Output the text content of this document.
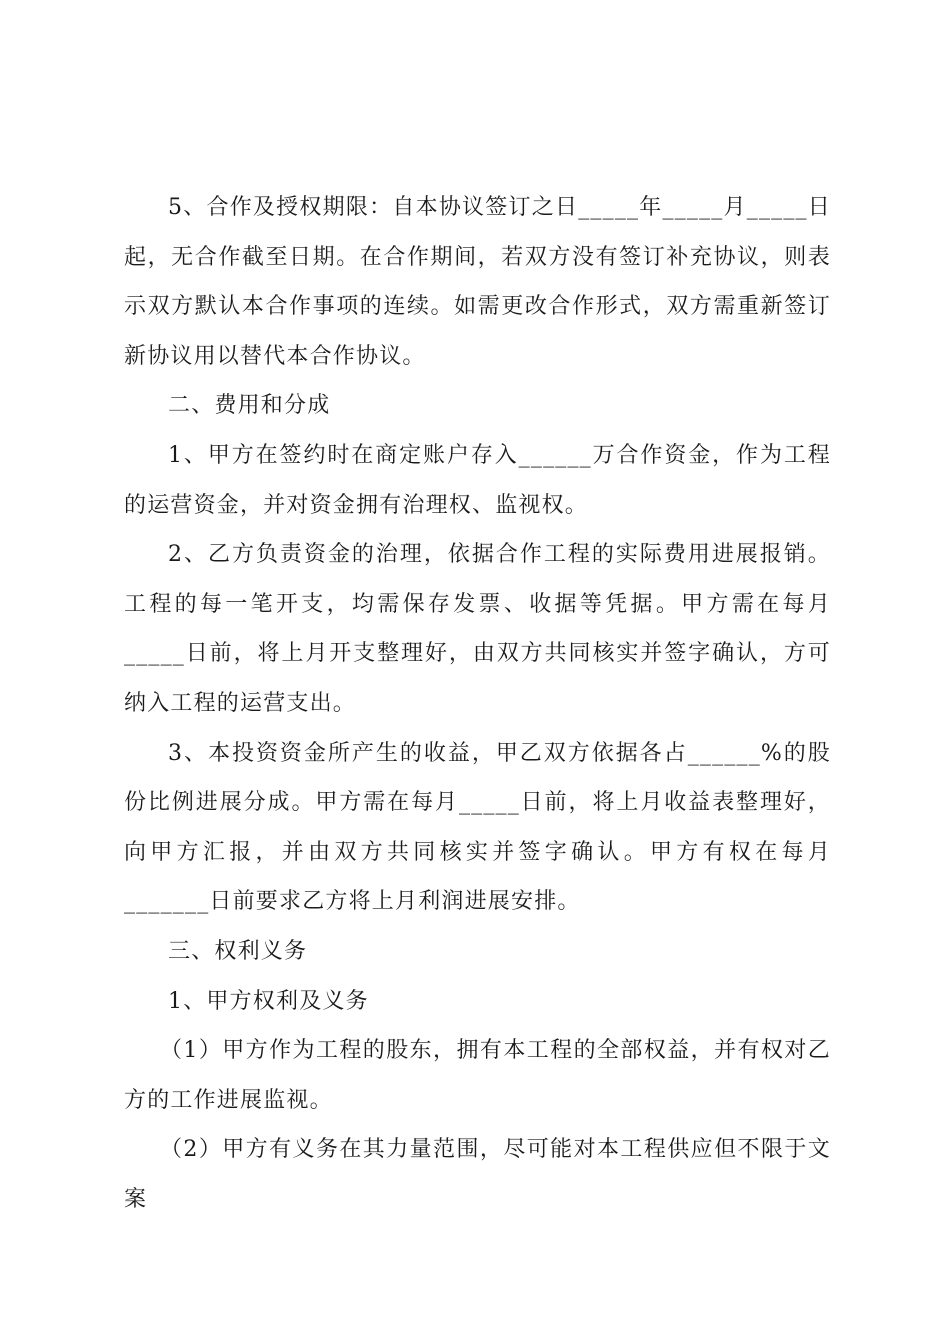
5、合作及授权期限：自本协议签订之日_____年_____月_____日起，无合作截至日期。在合作期间，若双方没有签订补充协议，则表示双方默认本合作事项的连续。如需更改合作形式，双方需重新签订新协议用以替代本合作协议。

二、费用和分成

1、甲方在签约时在商定账户存入______万合作资金，作为工程的运营资金，并对资金拥有治理权、监视权。

2、乙方负责资金的治理，依据合作工程的实际费用进展报销。工程的每一笔开支，均需保存发票、收据等凭据。甲方需在每月_____日前，将上月开支整理好，由双方共同核实并签字确认，方可纳入工程的运营支出。

3、本投资资金所产生的收益，甲乙双方依据各占______%的股份比例进展分成。甲方需在每月_____日前，将上月收益表整理好，向甲方汇报，并由双方共同核实并签字确认。甲方有权在每月_______日前要求乙方将上月利润进展安排。

三、权利义务

1、甲方权利及义务

（1）甲方作为工程的股东，拥有本工程的全部权益，并有权对乙方的工作进展监视。

（2）甲方有义务在其力量范围，尽可能对本工程供应但不限于文案
